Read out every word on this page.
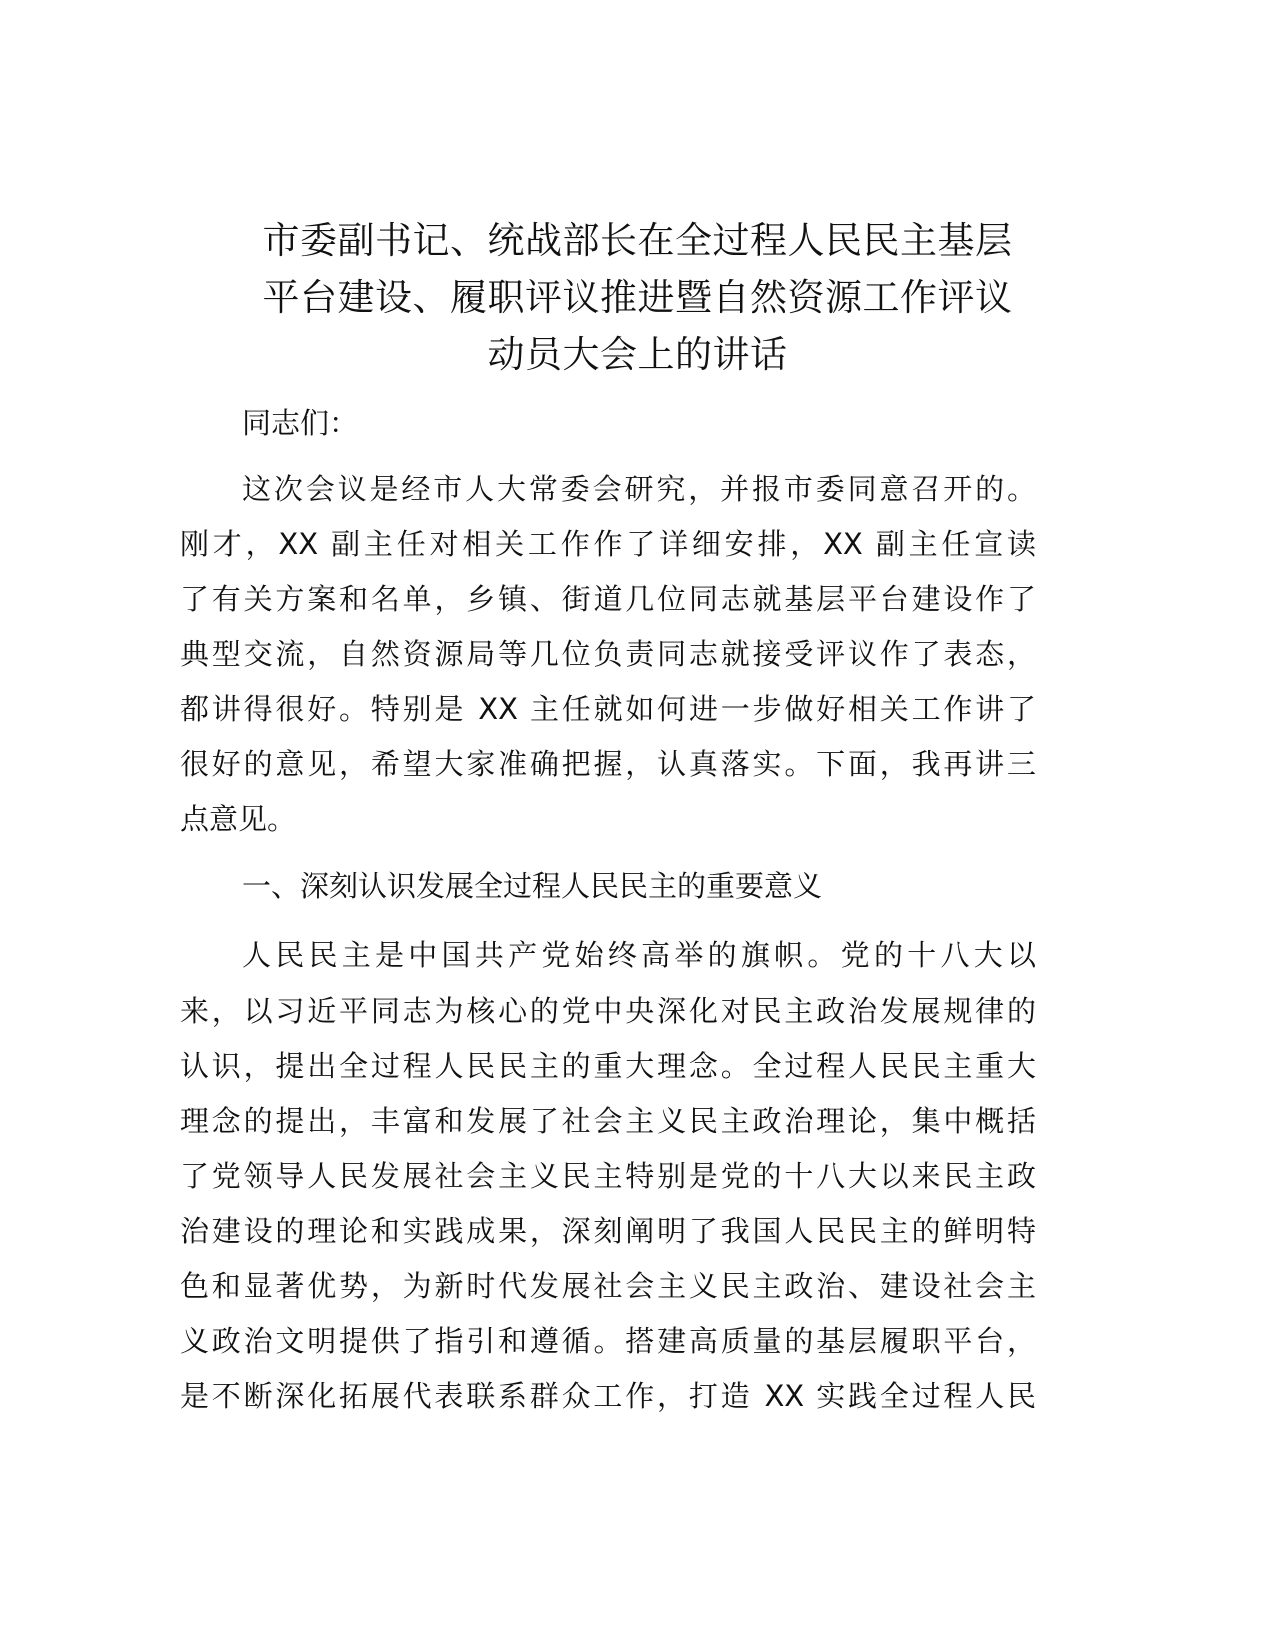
市委副书记、统战部长在全过程人民民主基层
平台建设、履职评议推进暨自然资源工作评议
动员大会上的讲话
同志们：
这次会议是经市人大常委会研究，并报市委同意召开的。
刚才，XX 副主任对相关工作作了详细安排，XX 副主任宣读
了有关方案和名单，乡镇、街道几位同志就基层平台建设作了
典型交流，自然资源局等几位负责同志就接受评议作了表态，
都讲得很好。特别是 XX 主任就如何进一步做好相关工作讲了
很好的意见，希望大家准确把握，认真落实。下面，我再讲三
点意见。
一、深刻认识发展全过程人民民主的重要意义
人民民主是中国共产党始终高举的旗帜。党的十八大以
来，以习近平同志为核心的党中央深化对民主政治发展规律的
认识，提出全过程人民民主的重大理念。全过程人民民主重大
理念的提出，丰富和发展了社会主义民主政治理论，集中概括
了党领导人民发展社会主义民主特别是党的十八大以来民主政
治建设的理论和实践成果，深刻阐明了我国人民民主的鲜明特
色和显著优势，为新时代发展社会主义民主政治、建设社会主
义政治文明提供了指引和遵循。搭建高质量的基层履职平台，
是不断深化拓展代表联系群众工作，打造 XX 实践全过程人民
